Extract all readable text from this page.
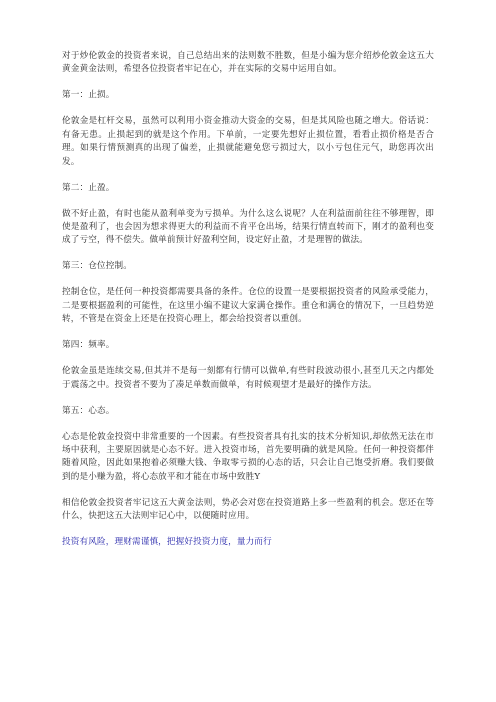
对于炒伦敦金的投资者来说，自己总结出来的法则数不胜数，但是小编为您介绍炒伦敦金这五大黄金黄金法则，希望各位投资者牢记在心，并在实际的交易中运用自如。

第一：止损。

伦敦金是杠杆交易，虽然可以利用小资金推动大资金的交易，但是其风险也随之增大。俗话说：有备无患。止损起到的就是这个作用。下单前，一定要先想好止损位置，看看止损价格是否合理。如果行情预测真的出现了偏差，止损就能避免您亏损过大，以小亏包住元气，助您再次出发。

第二：止盈。

做不好止盈，有时也能从盈利单变为亏损单。为什么这么说呢？人在利益面前往往不够理智，即使是盈利了，也会因为想求得更大的利益而不肯平仓出场，结果行情直转而下，刚才的盈利也变成了亏空，得不偿失。做单前预计好盈利空间，设定好止盈，才是理智的做法。

第三：仓位控制。

控制仓位，是任何一种投资都需要具备的条件。仓位的设置一是要根据投资者的风险承受能力，二是要根据盈利的可能性，在这里小编不建议大家满仓操作。重仓和满仓的情况下，一旦趋势逆转，不管是在资金上还是在投资心理上，都会给投资者以重创。

第四：频率。

伦敦金虽是连续交易,但其并不是每一刻都有行情可以做单,有些时段波动很小,甚至几天之内都处于震荡之中。投资者不要为了凑足单数而做单，有时候观望才是最好的操作方法。

第五：心态。

心态是伦敦金投资中非常重要的一个因素。有些投资者具有扎实的技术分析知识,却依然无法在市场中获利，主要原因就是心态不好。进入投资市场，首先要明确的就是风险。任何一种投资都伴随着风险，因此如果抱着必须赚大钱、争取零亏损的心态的话，只会让自己饱受折磨。我们要做到的是小赚为盈，将心态放平和才能在市场中致胜Y

相信伦敦金投资者牢记这五大黄金法则，势必会对您在投资道路上多一些盈利的机会。您还在等什么，快把这五大法则牢记心中，以便随时应用。

投资有风险，理财需谨慎，把握好投资力度，量力而行
